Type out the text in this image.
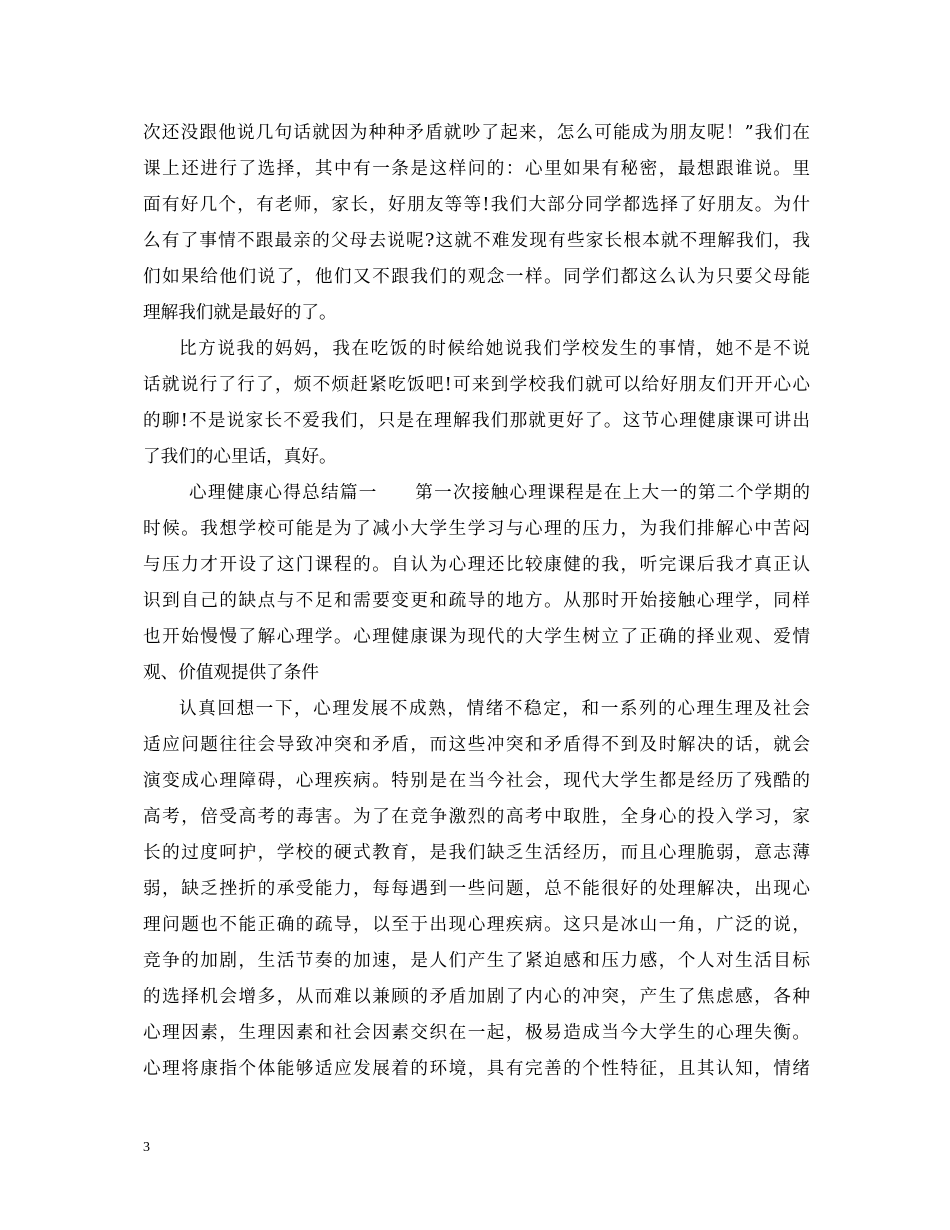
次还没跟他说几句话就因为种种矛盾就吵了起来，怎么可能成为朋友呢！”我们在
课上还进行了选择，其中有一条是这样问的：心里如果有秘密，最想跟谁说。里
面有好几个，有老师，家长，好朋友等等!我们大部分同学都选择了好朋友。为什
么有了事情不跟最亲的父母去说呢?这就不难发现有些家长根本就不理解我们，我
们如果给他们说了，他们又不跟我们的观念一样。同学们都这么认为只要父母能
理解我们就是最好的了。
比方说我的妈妈，我在吃饭的时候给她说我们学校发生的事情，她不是不说
话就说行了行了，烦不烦赶紧吃饭吧!可来到学校我们就可以给好朋友们开开心心
的聊!不是说家长不爱我们，只是在理解我们那就更好了。这节心理健康课可讲出
了我们的心里话，真好。
心理健康心得总结篇一　　第一次接触心理课程是在上大一的第二个学期的
时候。我想学校可能是为了减小大学生学习与心理的压力，为我们排解心中苦闷
与压力才开设了这门课程的。自认为心理还比较康健的我，听完课后我才真正认
识到自己的缺点与不足和需要变更和疏导的地方。从那时开始接触心理学，同样
也开始慢慢了解心理学。心理健康课为现代的大学生树立了正确的择业观、爱情
观、价值观提供了条件
认真回想一下，心理发展不成熟，情绪不稳定，和一系列的心理生理及社会
适应问题往往会导致冲突和矛盾，而这些冲突和矛盾得不到及时解决的话，就会
演变成心理障碍，心理疾病。特别是在当今社会，现代大学生都是经历了残酷的
高考，倍受高考的毒害。为了在竞争激烈的高考中取胜，全身心的投入学习，家
长的过度呵护，学校的硬式教育，是我们缺乏生活经历，而且心理脆弱，意志薄
弱，缺乏挫折的承受能力，每每遇到一些问题，总不能很好的处理解决，出现心
理问题也不能正确的疏导，以至于出现心理疾病。这只是冰山一角，广泛的说，
竞争的加剧，生活节奏的加速，是人们产生了紧迫感和压力感，个人对生活目标
的选择机会增多，从而难以兼顾的矛盾加剧了内心的冲突，产生了焦虑感，各种
心理因素，生理因素和社会因素交织在一起，极易造成当今大学生的心理失衡。
心理将康指个体能够适应发展着的环境，具有完善的个性特征，且其认知，情绪
3
